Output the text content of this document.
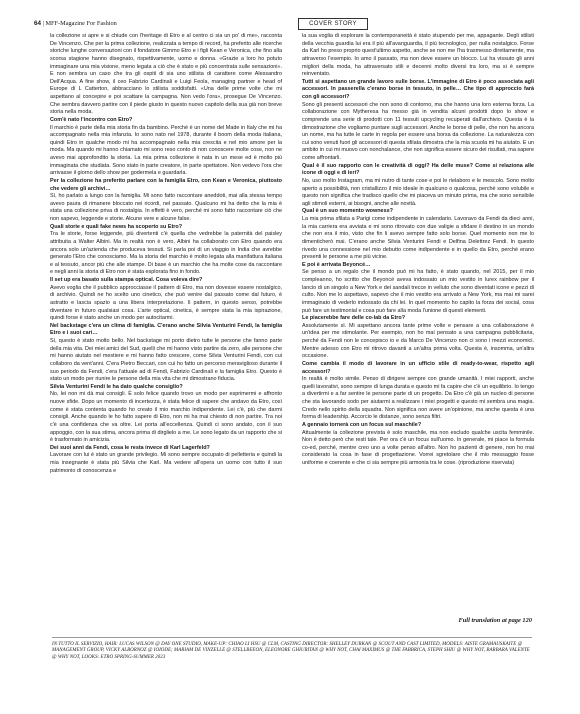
64 | MFF-Magazine For Fashion	COVER STORY

la collezione si apre e si chiude con l'heritage di Etro e al centro ci sia un po' di me», racconta De Vincenzo. Che per la prima collezione, realizzata a tempo di record, ha preferito alle ricerche storiche lunghe conversazioni con il fondatore Gimmo Etro e i figli Kean e Veronica, che fino alla scorsa stagione hanno disegnato, rispettivamente, uomo e donna. «Grazie a loro ho potuto immaginare una mia visione, meno legata a ciò che è stato e più concentrata sulle sensazioni». E non sembra un caso che tra gli ospiti di sia uno stilista di carattere come Alessandro Dell'Acqua. A fine show, il ceo Fabrizio Cardinali e Luigi Feola, managing partner e head of Europe di L Catterton, abbracciano lo stilista soddisfatti. «Una delle prime volte che mi aspettano al concepire e poi scattare la campagna. Non vedo l'ora», prosegue De Vincenzo. Che sembra davvero partire con il piede giusto in questo nuovo capitolo della sua già non breve storia nella moda.

Com'è nato l'incontro con Etro?

Il marchio è parte della mia storia fin da bambino. Perché è un nome del Made in Italy che mi ha accompagnato nella mia infanzia. Io sono nato nel 1978, durante il boom della moda italiana, quindi Etro in qualche modo mi ha accompagnato nella mia crescita e nel mio amore per la moda. Ma quando mi hanno chiamato mi sono reso conto di non conoscere molte cose, non ne avevo mai approfondito la storia. La mia prima collezione è nata in un mese ed è molto più immaginata che studiata. Sono stato in parte creatore, in parte spettatore. Non vedevo l'ora che arrivasse il giorno dello show per godermela e guardarla.

Per la collezione ha preferito parlare con la famiglia Etro, con Kean e Veronica, piuttosto che vedere gli archivi…

Sì, ho parlato a lungo con la famiglia. Mi sono fatto raccontare aneddoti, mai alla stessa tempo avevo paura di rimanere bloccato nei ricordi, nel passato. Qualcuno mi ha detto che la mia è stata una collezione priva di nostalgia. In effetti è vero, perché mi sono fatto raccontare ciò che non sapevo, leggende e storie. Alcune vere e alcune false.

Quali storie e quali fake news ha scoperto su Etro?

Tra le storie, forse leggende, più divertenti c'è quella che vedrebbe la paternità del paisley attribuita a Walter Albini. Ma in realtà non è vero, Albini ha collaborato con Etro quando era ancora solo un'azienda che produceva tessuti. Si parla poi di un viaggio in India che avrebbe generato l'Etro che conosciamo. Ma la storia del marchio è molto legata alla manifattura italiana e al tessuto, ancor più che alle stampe. Di base è un marchio che ha molte cose da raccontare e negli anni la storia di Etro non è stata esplorata fino in fondo.

Il set up era basato sulla stampa optical. Cosa voleva dire?

Avevo voglia che il pubblico approcciasse il pattern di Etro, ma non dovesse essere nostalgico, di archivio. Quindi ne ho scelto uno cinetico, che può venire dal passato come dal futuro, è astratto e lascia spazio a una libera interpretazione. Il pattern, in questo senso, potrebbe diventare in futuro qualsiasi cosa. L'arte optical, cinetica, è sempre stata la mia ispirazione, quindi forse è stato anche un modo per autocitarmi.

Nel backstage c'era un clima di famiglia. C'erano anche Silvia Venturini Fendi, la famiglia Etro e i suoi cari…

Sì, questo è stato molto bello. Nel backstage mi porto dietro tutte le persone che fanno parte della mia vita. Dei miei amici del Sud, quelli che mi hanno visto partire da zero, alle persone che mi hanno aiutato nel mestiere e mi hanno fatto crescere, come Silvia Venturini Fendi, con cui collaboro da vent'anni. C'era Pietro Beccari, con cui ho fatto un percorso meraviglioso durante il suo periodo da Fendi, c'era l'attuale ad di Fendi, Fabrizio Cardinali e la famiglia Etro. Questo è stato un modo per riunire le persone della mia vita che mi dimostrano fiducia.

Silvia Venturini Fendi le ha dato qualche consiglio?

No, lei non mi dà mai consigli. È solo felice quando trovo un modo per esprimermi e affronto nuove sfide. Dopo un momento di incertezza, è stata felice di sapere che andavo da Etro, così come è stata contenta quando ho creato il mio marchio indipendente. Lei c'è, più che darmi consigli. Anche quando le ho fatto sapere di Etro, non mi ha mai chiesto di non partire. Tra noi c'è una confidenza che va oltre. Lei porta all'eccellenza. Quindi ci sono andato, con il suo appoggio, con la sua stima, ancora prima di dirglielo a me. Le sono legato da un rapporto che si è trasformato in amicizia.

Dei suoi anni da Fendi, cosa le resta invece di Karl Lagerfeld?

Lavorare con lui è stato un grande privilegio. Mi sono sempre occupato di pelletteria e quindi la mia insegnante è stata più Silvia che Karl. Ma vedere all'opera un uomo con tutto il suo patrimonio di conoscenza e

la sua voglia di esplorare la contemporaneità è stato stupendo per me, appagante. Degli stilisti della vecchia guardia lui era il più all'avanguardia, il più tecnologico, per nulla nostalgico. Forse da Karl ho preso proprio quest'ultimo aspetto, anche se non me l'ha trasmesso direttamente, ma attraverso l'esempio. Io amo il passato, ma non deve essere un blocco. Lui ha vissuto gli anni migliori della moda, ha attraversato stili e decenni molto diversi tra loro, ma si è sempre reinventato.

Tutti si aspettano un grande lavoro sulle borse. L'immagine di Etro è poco associata agli accessori. In passerella c'erano borse in tessuto, in pelle… Che tipo di approccio farà con gli accessori?

Sono gli presenti accessori che non sono di contorno, ma che hanno una loro esterna forza. La collaborazione con Mytheresa ha messo già in vendita alcuni prodotti dopo lo show e comprende una serie di prodotti con 11 tessuti upcycling recuperati dall'archivio. Questa è la dimostrazione che vogliamo puntare sugli accessori. Anche le borse di pelle, che non ha ancora un nome, ma ha tutte le carte in regola per essere una borsa da collezione. La naturalezza con cui sono venuti fuori gli accessori di questa sfilata dimostra che la mia scuola mi ha aiutato. E un ambito in cui mi muovo con nonchalance, che non significa essere sicuro dei risultati, ma sapere come affrontarli.

Qual è il suo rapporto con le creatività di oggi? Ha delle muse? Come si relaziona alle icone di oggi e di ieri?

No, uso molto Instagram, ma mi nutro di tante cose e poi le rielaboro e le mescolo. Sono molto aperto a possibilità, non cristallizzo il mio ideale in qualcuno o qualcosa, perché sono volubile e questo non significa che tradisco quello che mi piaceva un minuto prima, ma che sono sensibile agli stimoli esterni, ai bisogni, anche alle novità.

Qual è un suo momento wowness?

La mia prima sfilata a Parigi come indipendente in calendario. Lavoravo da Fendi da dieci anni, la mia carriera era avviata e mi sono ritrovato con due valigie a sfidare il destino in un mondo che non era il mio, visto che fin li avevo sempre fatto solo borse. Quel momento non me lo dimenticherò mai. C'erano anche Silvia Venturini Fendi e Delfina Delettrez Fendi. In questo rivedo una connessione nel mio debutto come indipendente e in quello da Etro, perché erano presenti le persone a me più vicine.

E poi è arrivata Beyoncé…

Se penso a un regalo che il mondo può mi ha fatto, è stato quando, nel 2015, per il mio compleanno, ho scritto che Beyoncé aveva indossato un mio vestito in lurex rainbow per il lancio di un singolo a New York e dei sandali trecce in velluto che sono diventati icone e pezzi di culto. Non me lo aspettavo, sapevo che il mio vestito era arrivato a New York, ma mai mi sarei immaginato di vederlo indossato da chi lei. In quel momento ho capito la forza dei social, cosa può fare un testimonial e cosa può fare alla moda l'unione di questi elementi.

Le piacerebbe fare delle co-lab da Etro?

Assolutamente sì. Mi aspettano ancora tante prime volte e pensare a una collaborazione è un'idea per me stimolante. Per esempio, non ho mai pensato a una campagna pubblicitaria, perché da Fendi non le concepisco io e da Marco De Vincenzo non ci sono i mezzi economici. Mentre adesso con Etro mi ritrovo davanti a un'altra prima volta. Questa è, insomma, un'altra occasione.

Come cambia il modo di lavorare in un ufficio stile di ready-to-wear, rispetto agli accessori?

In realtà è molto simile. Penso di dirigere sempre con grande umanità. I miei rapporti, anche quelli lavorativi, sono sempre di lunga durata e questo mi fa capire che c'è un equilibrio. Io tengo a divertirmi e a far sentire le persone parte di un progetto. Da Etro c'è già un nucleo di persone che sta lavorando sodo per aiutarmi a realizzare i miei progetti e questo mi sembra una magia. Credo nello spirito della squadra. Non significa non avere un'opinione, ma anche questa è una forma di leadership. Accorcio le distanze, sono senza filtri.

A gennaio tornerà con un focus sul maschile?

Attualmente la collezione prevista è solo maschile, ma non escludo qualche uscita femminile. Non è detto però che resti tale. Per ora c'è un focus sull'uomo. In generale, mi piace la formula co-ed, perché, mentre creo uno a volte penso all'altro. Non ho pazienti di genere, non ho mai considerato la cosa in fase di progettazione. Vorrei sgretolare che il mio messaggio fosse uniforme e coerente e che ci sia sempre più armonia tra le cose. (riproduzione riservata)

Full translation at page 120
IN TUTTO IL SERVIZIO, HAIR: LUCAS WILSON @ DAY ONE STUDIO, MAKE-UP: CHIAO LI HSU @ CLM, CASTING DIRECTOR: SHELLEY DURKAN @ SCOUT AND CAST LIMITED, MODELS: AISTE GRAMAUSKAITE @ MANAGEMENT GROUP, VICKY ALBORNOZ @ IOIODE; MARIAM DE VINZELLE @ STELLBEEON, ELEONORE GHIURITAN @ WHY NOT, CHAI MAXIMUS @ THE FABBRICA, STEPH SHIU @ WHY NOT, BARBARA VALENTE @ WHY NOT, LOOKS: ETRO SPRING-SUMMER 2023
